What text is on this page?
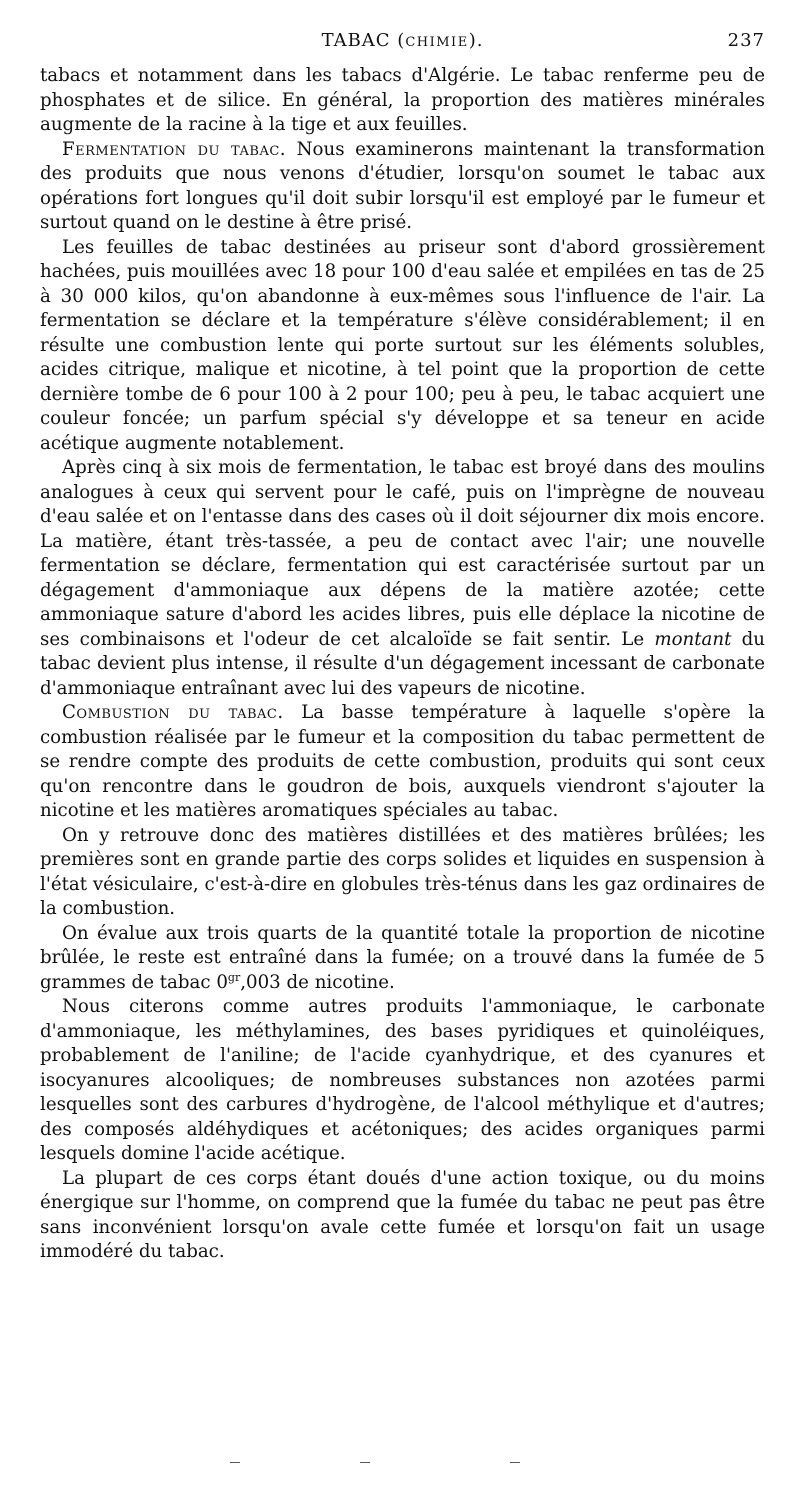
TABAC (CHIMIE).	237

tabacs et notamment dans les tabacs d'Algérie. Le tabac renferme peu de phosphates et de silice. En général, la proportion des matières minérales augmente de la racine à la tige et aux feuilles.

Fermentation du tabac. Nous examinerons maintenant la transformation des produits que nous venons d'étudier, lorsqu'on soumet le tabac aux opérations fort longues qu'il doit subir lorsqu'il est employé par le fumeur et surtout quand on le destine à être prisé.

Les feuilles de tabac destinées au priseur sont d'abord grossièrement hachées, puis mouillées avec 18 pour 100 d'eau salée et empilées en tas de 25 à 30 000 kilos, qu'on abandonne à eux-mêmes sous l'influence de l'air. La fermentation se déclare et la température s'élève considérablement; il en résulte une combustion lente qui porte surtout sur les éléments solubles, acides citrique, malique et nicotine, à tel point que la proportion de cette dernière tombe de 6 pour 100 à 2 pour 100; peu à peu, le tabac acquiert une couleur foncée; un parfum spécial s'y développe et sa teneur en acide acétique augmente notablement.

Après cinq à six mois de fermentation, le tabac est broyé dans des moulins analogues à ceux qui servent pour le café, puis on l'imprègne de nouveau d'eau salée et on l'entasse dans des cases où il doit séjourner dix mois encore. La matière, étant très-tassée, a peu de contact avec l'air; une nouvelle fermentation se déclare, fermentation qui est caractérisée surtout par un dégagement d'ammoniaque aux dépens de la matière azotée; cette ammoniaque sature d'abord les acides libres, puis elle déplace la nicotine de ses combinaisons et l'odeur de cet alcaloïde se fait sentir. Le montant du tabac devient plus intense, il résulte d'un dégagement incessant de carbonate d'ammoniaque entraînant avec lui des vapeurs de nicotine.

Combustion du tabac. La basse température à laquelle s'opère la combustion réalisée par le fumeur et la composition du tabac permettent de se rendre compte des produits de cette combustion, produits qui sont ceux qu'on rencontre dans le goudron de bois, auxquels viendront s'ajouter la nicotine et les matières aromatiques spéciales au tabac.

On y retrouve donc des matières distillées et des matières brûlées; les premières sont en grande partie des corps solides et liquides en suspension à l'état vésiculaire, c'est-à-dire en globules très-ténus dans les gaz ordinaires de la combustion.

On évalue aux trois quarts de la quantité totale la proportion de nicotine brûlée, le reste est entraîné dans la fumée; on a trouvé dans la fumée de 5 grammes de tabac $0^{gr},003$ de nicotine.

Nous citerons comme autres produits l'ammoniaque, le carbonate d'ammoniaque, les méthylamines, des bases pyridiques et quinoléiques, probablement de l'aniline; de l'acide cyanhydrique, et des cyanures et isocyanures alcooliques; de nombreuses substances non azotées parmi lesquelles sont des carbures d'hydrogène, de l'alcool méthylique et d'autres; des composés aldéhydiques et acétoniques; des acides organiques parmi lesquels domine l'acide acétique.

La plupart de ces corps étant doués d'une action toxique, ou du moins énergique sur l'homme, on comprend que la fumée du tabac ne peut pas être sans inconvénient lorsqu'on avale cette fumée et lorsqu'on fait un usage immodéré du tabac.
